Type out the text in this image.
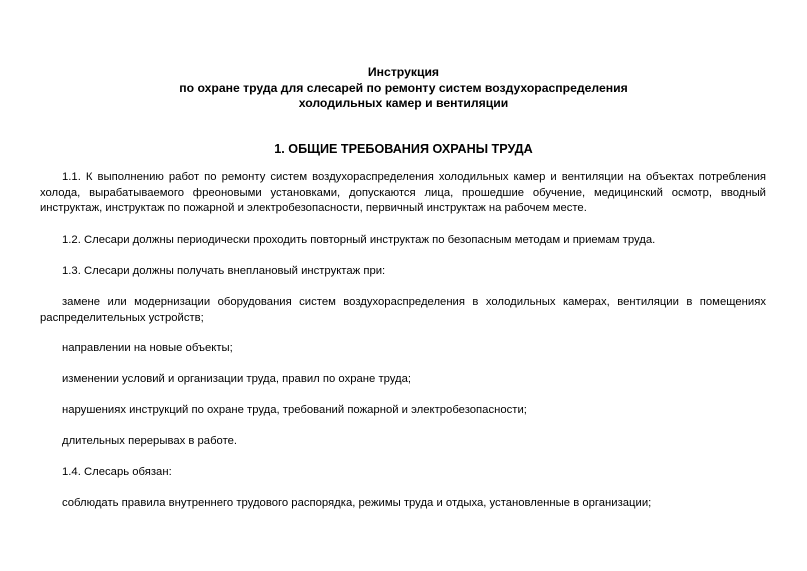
Инструкция
по охране труда для слесарей по ремонту систем воздухораспределения
холодильных камер и вентиляции
1. ОБЩИЕ ТРЕБОВАНИЯ ОХРАНЫ ТРУДА

1.1. К выполнению работ по ремонту систем воздухораспределения холодильных камер и вентиляции на объектах потребления холода, вырабатываемого фреоновыми установками, допускаются лица, прошедшие обучение, медицинский осмотр, вводный инструктаж, инструктаж по пожарной и электробезопасности, первичный инструктаж на рабочем месте.

1.2. Слесари должны периодически проходить повторный инструктаж по безопасным методам и приемам труда.

1.3. Слесари должны получать внеплановый инструктаж при:

замене или модернизации оборудования систем воздухораспределения в холодильных камерах, вентиляции в помещениях распределительных устройств;

направлении на новые объекты;

изменении условий и организации труда, правил по охране труда;

нарушениях инструкций по охране труда, требований пожарной и электробезопасности;

длительных перерывах в работе.

1.4. Слесарь обязан:

соблюдать правила внутреннего трудового распорядка, режимы труда и отдыха, установленные в организации;
